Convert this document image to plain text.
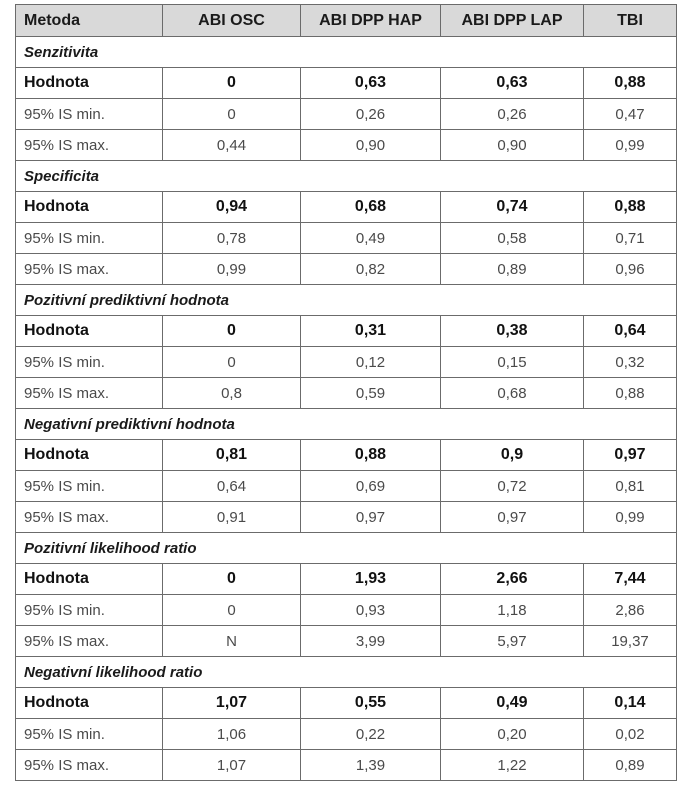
Metoda	ABI OSC	ABI DPP HAP	ABI DPP LAP	TBI
Senzitivita				
Hodnota	0	0,63	0,63	0,88
95% IS min.	0	0,26	0,26	0,47
95% IS max.	0,44	0,90	0,90	0,99
Specificita				
Hodnota	0,94	0,68	0,74	0,88
95% IS min.	0,78	0,49	0,58	0,71
95% IS max.	0,99	0,82	0,89	0,96
Pozitivní prediktivní hodnota				
Hodnota	0	0,31	0,38	0,64
95% IS min.	0	0,12	0,15	0,32
95% IS max.	0,8	0,59	0,68	0,88
Negativní prediktivní hodnota				
Hodnota	0,81	0,88	0,9	0,97
95% IS min.	0,64	0,69	0,72	0,81
95% IS max.	0,91	0,97	0,97	0,99
Pozitivní likelihood ratio				
Hodnota	0	1,93	2,66	7,44
95% IS min.	0	0,93	1,18	2,86
95% IS max.	N	3,99	5,97	19,37
Negativní likelihood ratio				
Hodnota	1,07	0,55	0,49	0,14
95% IS min.	1,06	0,22	0,20	0,02
95% IS max.	1,07	1,39	1,22	0,89
